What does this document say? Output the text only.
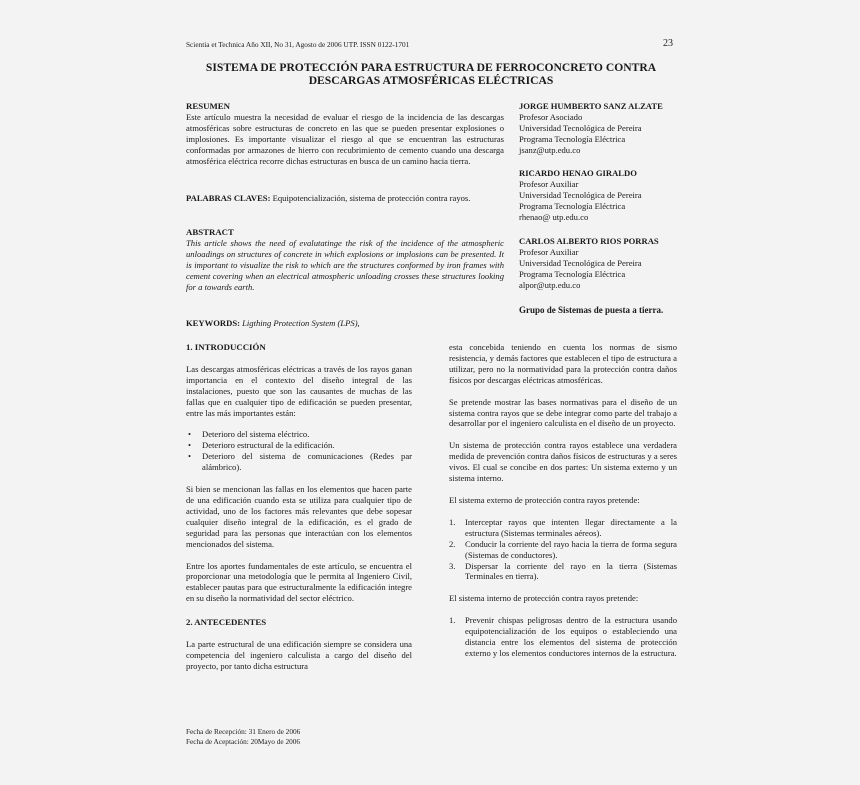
Scientia et Technica Año XII, No 31, Agosto de 2006 UTP. ISSN 0122-1701	23
SISTEMA DE PROTECCIÓN PARA ESTRUCTURA DE FERROCONCRETO CONTRA
DESCARGAS ATMOSFÉRICAS ELÉCTRICAS
RESUMEN

Este artículo muestra la necesidad de evaluar el riesgo de la incidencia de las descargas atmosféricas sobre estructuras de concreto en las que se pueden presentar explosiones o implosiones. Es importante visualizar el riesgo al que se encuentran las estructuras conformadas por armazones de hierro con recubrimiento de cemento cuando una descarga atmosférica eléctrica recorre dichas estructuras en busca de un camino hacia tierra.

PALABRAS CLAVES: Equipotencialización, sistema de protección contra rayos.

ABSTRACT

This article shows the need of evalutatinge the risk of the incidence of the atmospheric unloadings on structures of concrete in which explosions or implosions can be presented. It is important to visualize the risk to which are the structures conformed by iron frames with cement covering when an electrical atmospheric unloading crosses these structures looking for a towards earth.

KEYWORDS: Ligthing Protection System (LPS),

JORGE HUMBERTO SANZ ALZATE
Profesor Asociado
Universidad Tecnológica de Pereira
Programa Tecnología Eléctrica
jsanz@utp.edu.co
RICARDO HENAO GIRALDO
Profesor Auxiliar
Universidad Tecnológica de Pereira
Programa Tecnología Eléctrica
rhenao@ utp.edu.co
CARLOS ALBERTO RIOS PORRAS
Profesor Auxiliar
Universidad Tecnológica de Pereira
Programa Tecnología Eléctrica
alpor@utp.edu.co
Grupo de Sistemas de puesta a tierra.
1. INTRODUCCIÓN

Las descargas atmosféricas eléctricas a través de los rayos ganan importancia en el contexto del diseño integral de las instalaciones, puesto que son las causantes de muchas de las fallas que en cualquier tipo de edificación se pueden presentar, entre las más importantes están:

• Deterioro del sistema eléctrico.
• Deterioro estructural de la edificación.
• Deterioro del sistema de comunicaciones (Redes par alámbrico).

Si bien se mencionan las fallas en los elementos que hacen parte de una edificación cuando esta se utiliza para cualquier tipo de actividad, uno de los factores más relevantes que debe sopesar cualquier diseño integral de la edificación, es el grado de seguridad para las personas que interactúan con los elementos mencionados del sistema.

Entre los aportes fundamentales de este artículo, se encuentra el proporcionar una metodología que le permita al Ingeniero Civil, establecer pautas para que estructuralmente la edificación integre en su diseño la normatividad del sector eléctrico.

2. ANTECEDENTES

La parte estructural de una edificación siempre se considera una competencia del ingeniero calculista a cargo del diseño del proyecto, por tanto dicha estructura

esta concebida teniendo en cuenta los normas de sismo resistencia, y demás factores que establecen el tipo de estructura a utilizar, pero no la normatividad para la protección contra daños físicos por descargas eléctricas atmosféricas.

Se pretende mostrar las bases normativas para el diseño de un sistema contra rayos que se debe integrar como parte del trabajo a desarrollar por el ingeniero calculista en el diseño de un proyecto.

Un sistema de protección contra rayos establece una verdadera medida de prevención contra daños físicos de estructuras y a seres vivos. El cual se concibe en dos partes: Un sistema externo y un sistema interno.

El sistema externo de protección contra rayos pretende:

1. Interceptar rayos que intenten llegar directamente a la estructura (Sistemas terminales aéreos).
2. Conducir la corriente del rayo hacia la tierra de forma segura (Sistemas de conductores).
3. Dispersar la corriente del rayo en la tierra (Sistemas Terminales en tierra).

El sistema interno de protección contra rayos pretende:

1. Prevenir chispas peligrosas dentro de la estructura usando equipotencialización de los equipos o estableciendo una distancia entre los elementos del sistema de protección externo y los elementos conductores internos de la estructura.
Fecha de Recepción: 31 Enero de 2006
Fecha de Aceptación: 20Mayo de 2006
